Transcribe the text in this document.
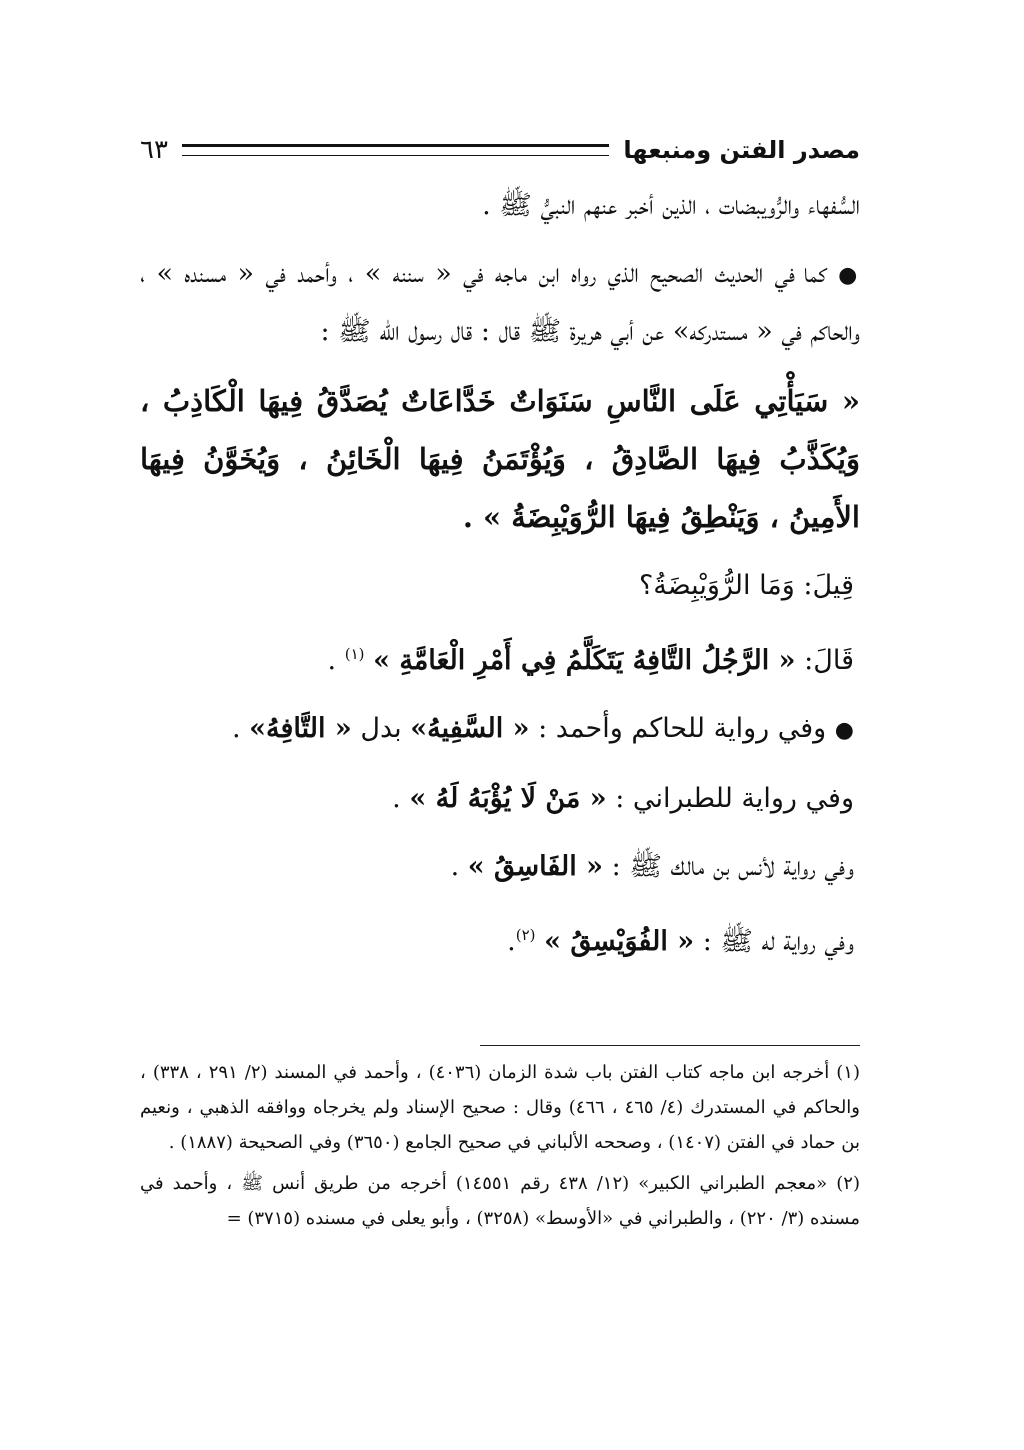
مصدر الفتن ومنبعها
٦٣

السُّفهاء والرُّويبضات ، الذين أخبر عنهم النبيُّ ﷺ .

● كما في الحديث الصحيح الذي رواه ابن ماجه في « سننه » ، وأحمد في « مسنده » ، والحاكم في « مستدركه» عن أبي هريرة ﷺ قال : قال رسول الله ﷺ :

« سَيَأْتِي عَلَى النَّاسِ سَنَوَاتٌ خَدَّاعَاتٌ يُصَدَّقُ فِيهَا الْكَاذِبُ ، وَيُكَذَّبُ فِيهَا الصَّادِقُ ، وَيُؤْتَمَنُ فِيهَا الْخَائِنُ ، وَيُخَوَّنُ فِيهَا الأَمِينُ ، وَيَنْطِقُ فِيهَا الرُّوَيْبِضَةُ » .

قِيلَ: وَمَا الرُّوَيْبِضَةُ؟

قَالَ: « الرَّجُلُ التَّافِهُ يَتَكَلَّمُ فِي أَمْرِ الْعَامَّةِ » $^{(١)}$ .

● وفي رواية للحاكم وأحمد : « السَّفِيهُ» بدل « التَّافِهُ» .

وفي رواية للطبراني : « مَنْ لَا يُؤْبَهُ لَهُ » .

وفي رواية لأنس بن مالك ﷺ : « الفَاسِقُ » .

وفي رواية له ﷺ : « الفُوَيْسِقُ » $^{(٢)}$.

(١) أخرجه ابن ماجه كتاب الفتن باب شدة الزمان (٤٠٣٦) ، وأحمد في المسند (٢/ ٢٩١ ، ٣٣٨) ، والحاكم في المستدرك (٤/ ٤٦٥ ، ٤٦٦) وقال : صحيح الإسناد ولم يخرجاه ووافقه الذهبي ، ونعيم بن حماد في الفتن (١٤٠٧) ، وصححه الألباني في صحيح الجامع (٣٦٥٠) وفي الصحيحة (١٨٨٧) .

(٢) «معجم الطبراني الكبير» (١٢/ ٤٣٨ رقم ١٤٥٥١) أخرجه من طريق أنس ﷺ ، وأحمد في مسنده (٣/ ٢٢٠) ، والطبراني في «الأوسط» (٣٢٥٨) ، وأبو يعلى في مسنده (٣٧١٥) =
